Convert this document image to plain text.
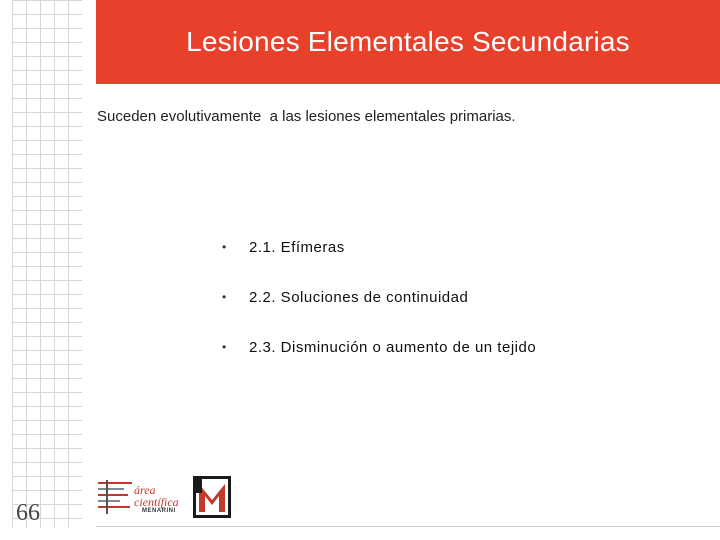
Lesiones Elementales Secundarias
Suceden evolutivamente  a las lesiones elementales primarias.
•	2.1. Efímeras
•	2.2. Soluciones de continuidad
•	2.3. Disminución o aumento de un tejido
66
área
científica
MENARINI
